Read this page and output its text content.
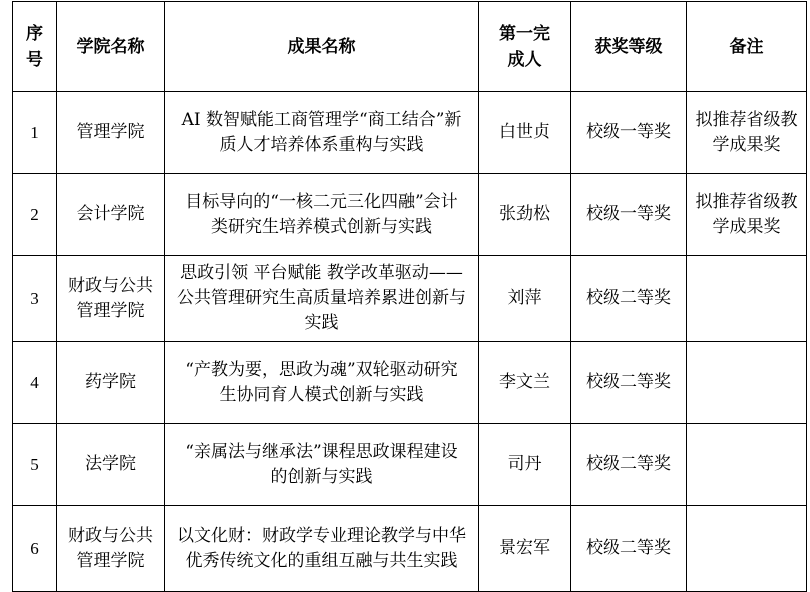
序号	学院名称	成果名称	第一完成人	获奖等级	备注
1	管理学院	AI 数智赋能工商管理学“商工结合”新质人才培养体系重构与实践	白世贞	校级一等奖	拟推荐省级教学成果奖
2	会计学院	目标导向的“一核二元三化四融”会计类研究生培养模式创新与实践	张劲松	校级一等奖	拟推荐省级教学成果奖
3	财政与公共管理学院	思政引领 平台赋能 教学改革驱动——公共管理研究生高质量培养累进创新与实践	刘萍	校级二等奖	
4	药学院	“产教为要，思政为魂”双轮驱动研究生协同育人模式创新与实践	李文兰	校级二等奖	
5	法学院	“亲属法与继承法”课程思政课程建设的创新与实践	司丹	校级二等奖	
6	财政与公共管理学院	以文化财：财政学专业理论教学与中华优秀传统文化的重组互融与共生实践	景宏军	校级二等奖	
